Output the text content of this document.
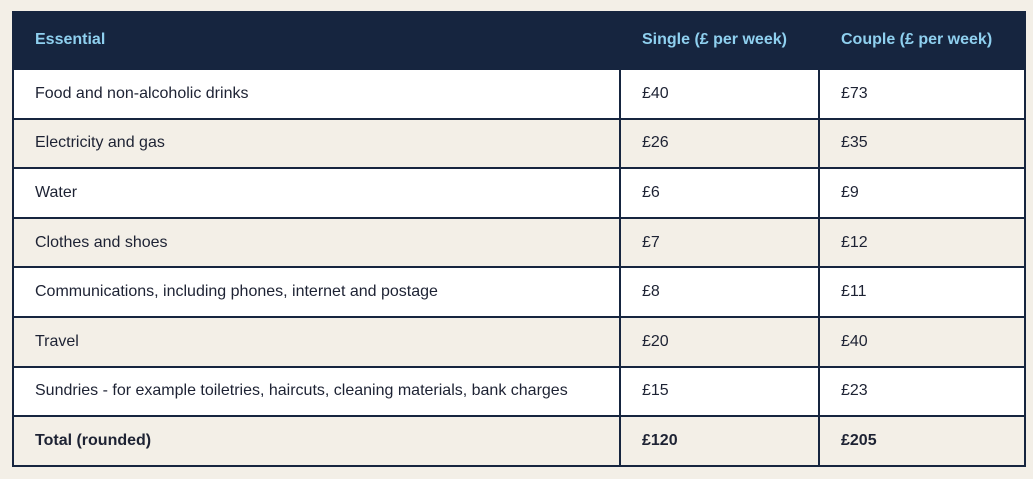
Essential	Single (£ per week)	Couple (£ per week)
Food and non-alcoholic drinks	£40	£73
Electricity and gas	£26	£35
Water	£6	£9
Clothes and shoes	£7	£12
Communications, including phones, internet and postage	£8	£11
Travel	£20	£40
Sundries - for example toiletries, haircuts, cleaning materials, bank charges	£15	£23
Total (rounded)	£120	£205
